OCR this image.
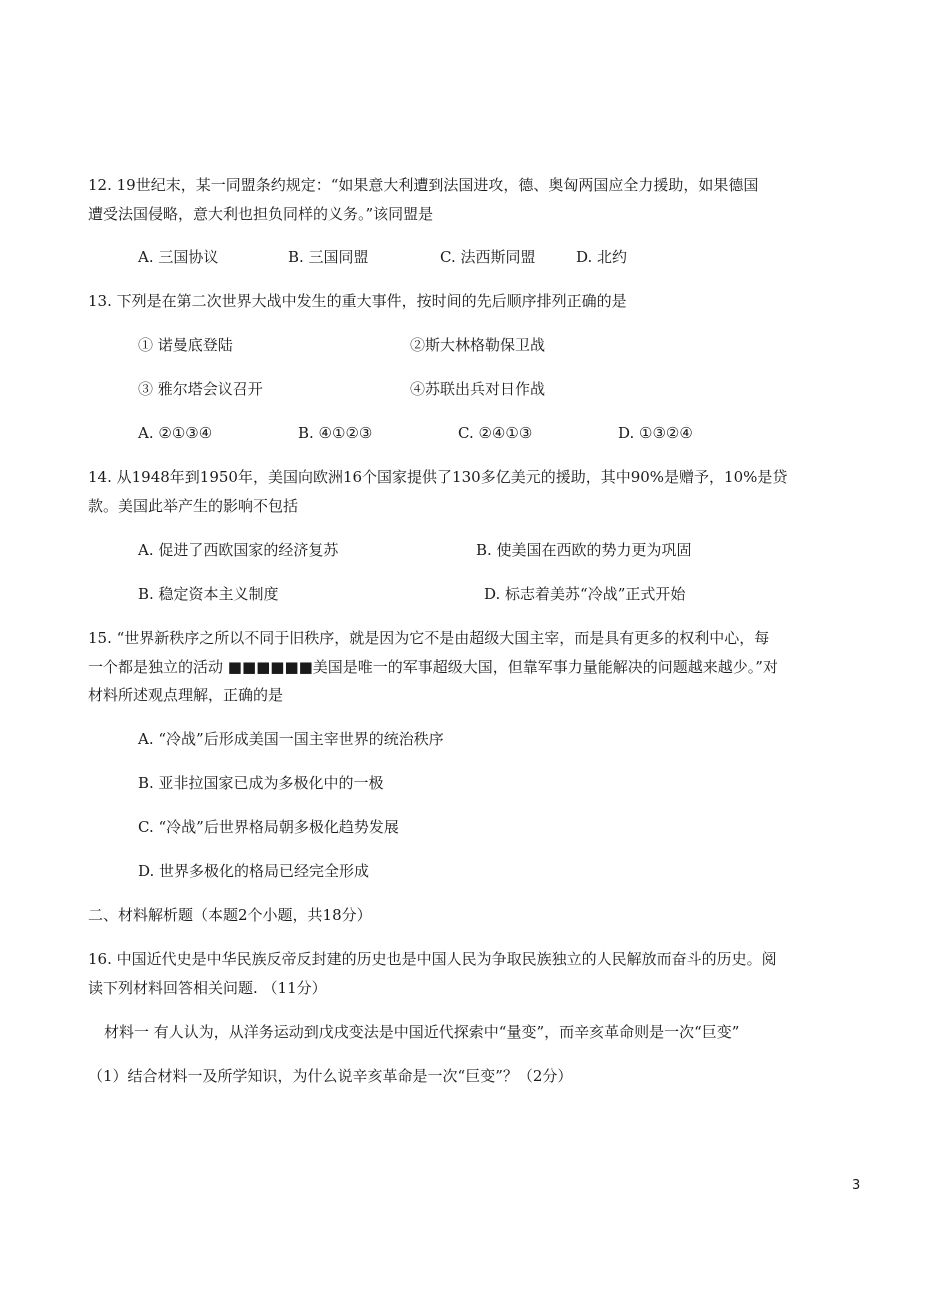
12. 19世纪末，某一同盟条约规定：“如果意大利遭到法国进攻，德、奥匈两国应全力援助，如果德国
遭受法国侵略，意大利也担负同样的义务。”该同盟是
A. 三国协议	B. 三国同盟	C. 法西斯同盟	D. 北约
13. 下列是在第二次世界大战中发生的重大事件，按时间的先后顺序排列正确的是
① 诺曼底登陆	②斯大林格勒保卫战
③ 雅尔塔会议召开	④苏联出兵对日作战
A. ②①③④	B. ④①②③	C. ②④①③	D. ①③②④
14. 从1948年到1950年，美国向欧洲16个国家提供了130多亿美元的援助，其中90%是赠予，10%是贷
款。美国此举产生的影响不包括
A. 促进了西欧国家的经济复苏	B. 使美国在西欧的势力更为巩固
B. 稳定资本主义制度	D. 标志着美苏“冷战”正式开始
15. “世界新秩序之所以不同于旧秩序，就是因为它不是由超级大国主宰，而是具有更多的权利中心，每
一个都是独立的活动 ■■■■■■美国是唯一的军事超级大国，但靠军事力量能解决的问题越来越少。”对
材料所述观点理解，正确的是
A. “冷战”后形成美国一国主宰世界的统治秩序
B. 亚非拉国家已成为多极化中的一极
C. “冷战”后世界格局朝多极化趋势发展
D. 世界多极化的格局已经完全形成
二、材料解析题（本题2个小题，共18分）
16. 中国近代史是中华民族反帝反封建的历史也是中国人民为争取民族独立的人民解放而奋斗的历史。阅
读下列材料回答相关问题. （11分）
材料一 有人认为，从洋务运动到戊戌变法是中国近代探索中“量变”，而辛亥革命则是一次“巨变”
（1）结合材料一及所学知识，为什么说辛亥革命是一次“巨变”？（2分）
3
